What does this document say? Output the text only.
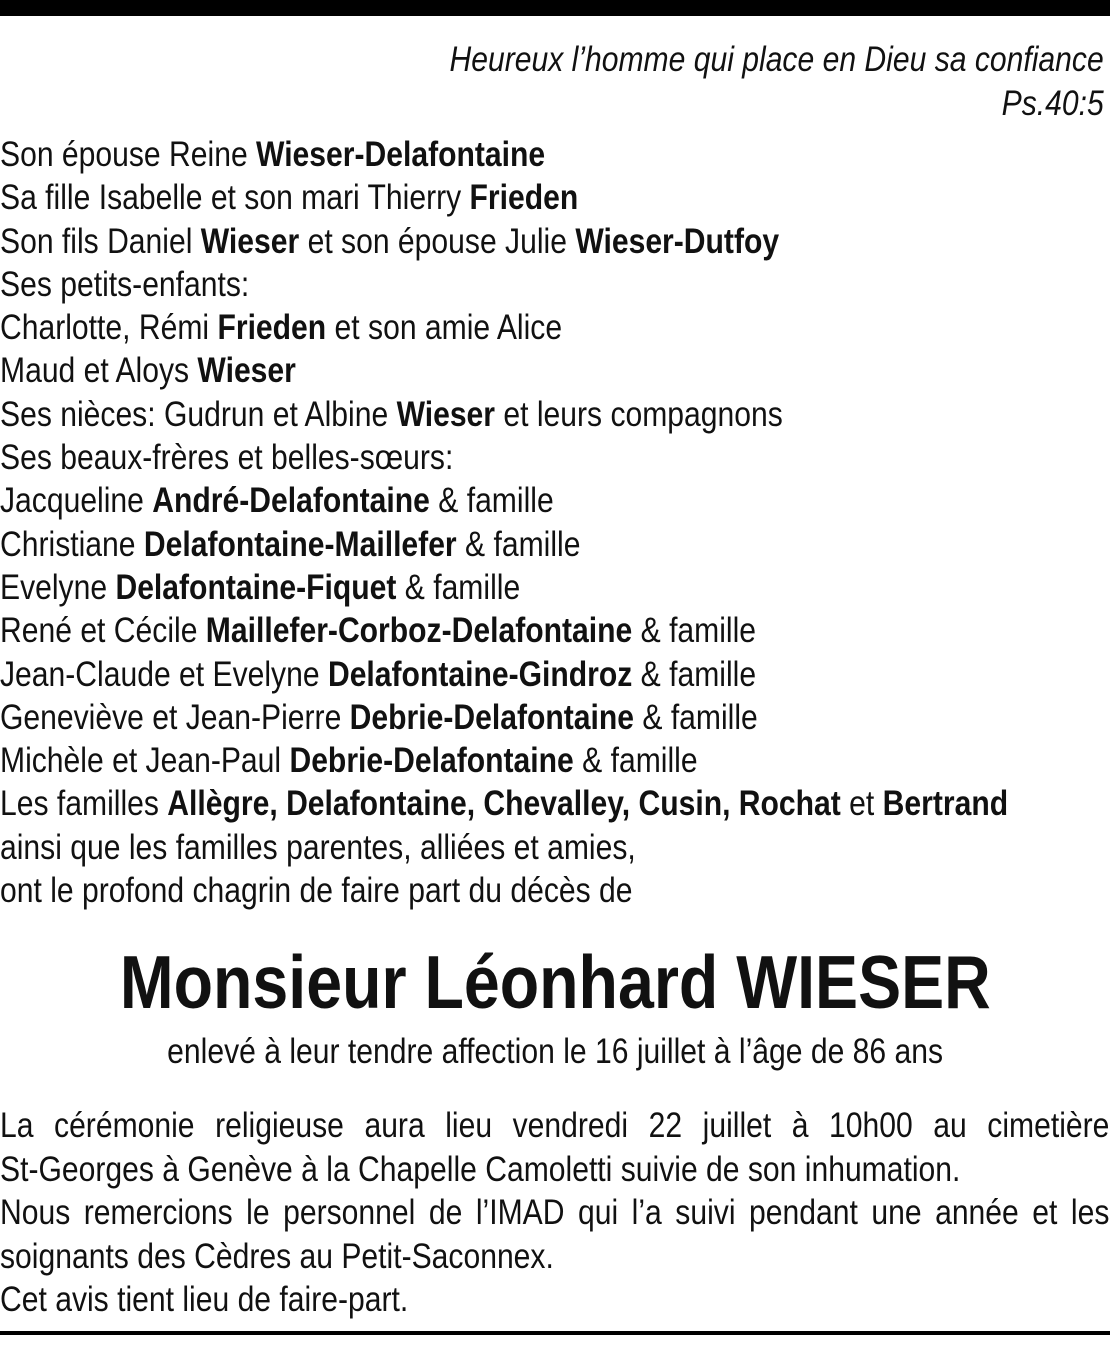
Heureux l’homme qui place en Dieu sa confiance
Ps.40:5
Son épouse Reine Wieser-Delafontaine
Sa fille Isabelle et son mari Thierry Frieden
Son fils Daniel Wieser et son épouse Julie Wieser-Dutfoy
Ses petits-enfants:
Charlotte, Rémi Frieden et son amie Alice
Maud et Aloys Wieser
Ses nièces: Gudrun et Albine Wieser et leurs compagnons
Ses beaux-frères et belles-sœurs:
Jacqueline André-Delafontaine & famille
Christiane Delafontaine-Maillefer & famille
Evelyne Delafontaine-Fiquet & famille
René et Cécile Maillefer-Corboz-Delafontaine & famille
Jean-Claude et Evelyne Delafontaine-Gindroz & famille
Geneviève et Jean-Pierre Debrie-Delafontaine & famille
Michèle et Jean-Paul Debrie-Delafontaine & famille
Les familles Allègre, Delafontaine, Chevalley, Cusin, Rochat et Bertrand
ainsi que les familles parentes, alliées et amies,
ont le profond chagrin de faire part du décès de
Monsieur Léonhard WIESER
enlevé à leur tendre affection le 16 juillet à l’âge de 86 ans
La cérémonie religieuse aura lieu vendredi 22 juillet à 10h00 au cimetière
St-Georges à Genève à la Chapelle Camoletti suivie de son inhumation.
Nous remercions le personnel de l’IMAD qui l’a suivi pendant une année et les
soignants des Cèdres au Petit-Saconnex.
Cet avis tient lieu de faire-part.
